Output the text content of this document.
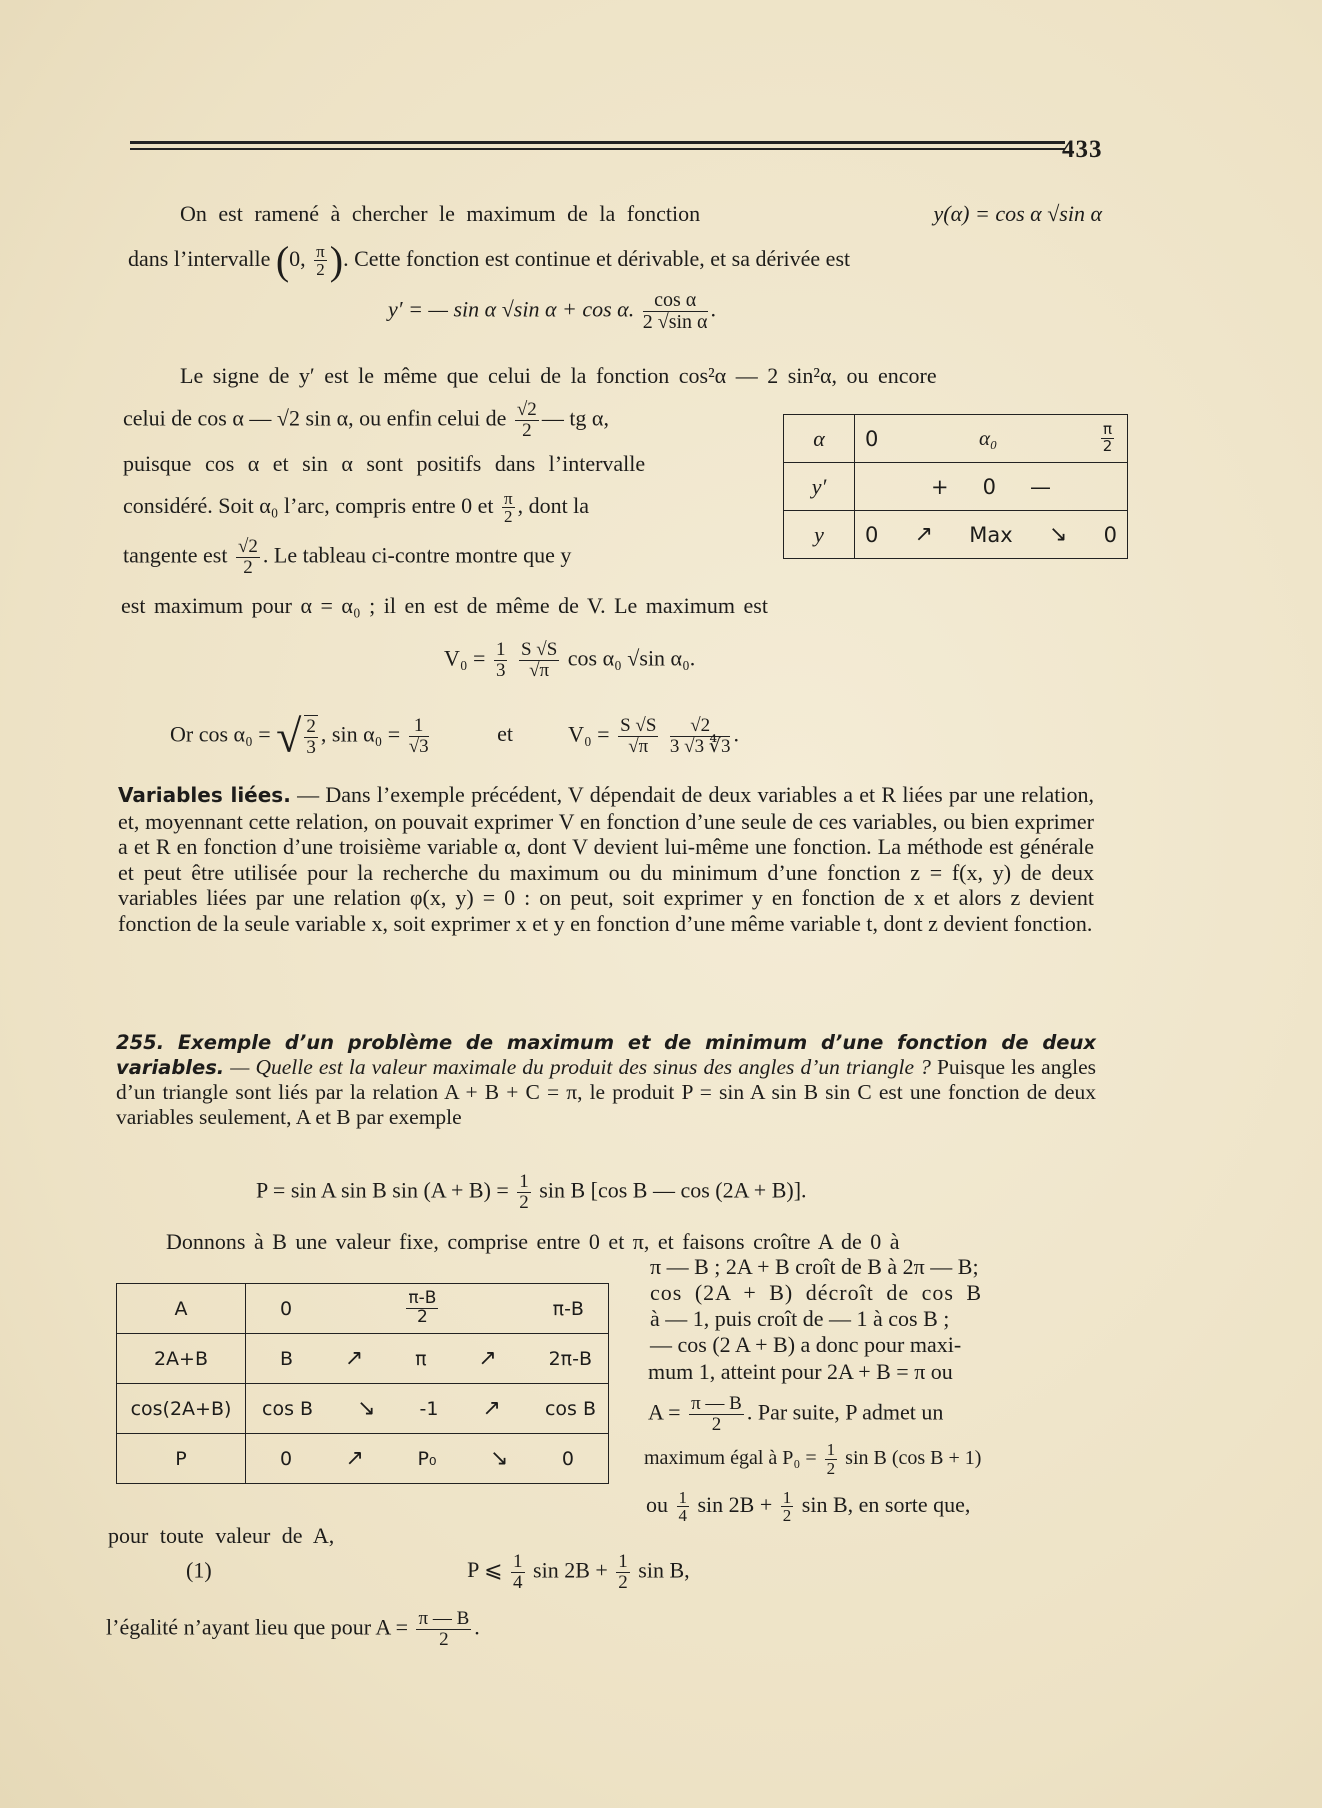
433
On est ramené à chercher le maximum de la fonction	y(α) = cos α √sin α
dans l’intervalle (0, $\frac{\pi}{2}$ ). Cette fonction est continue et dérivable, et sa dérivée est
y′ = — sin α √sin α + cos α. $\frac{\text{cos α}}{\text{2 √sin α}}$ .
Le signe de y′ est le même que celui de la fonction cos²α — 2 sin²α, ou encore
celui de cos α — √2 sin α, ou enfin celui de $\frac{√2}{2}$ — tg α,
α	0 $\alpha_0 \frac{\pi}{2}$

y′	+ 0 —

y	0 ↗ Max ↘ 0
puisque cos α et sin α sont positifs dans l’intervalle
considéré. Soit α₀ l’arc, compris entre 0 et $\frac{\pi}{2}$ , dont la
tangente est $\frac{√2}{2}$ . Le tableau ci-contre montre que y
est maximum pour α = α₀ ; il en est de même de V. Le maximum est
$V_0 = \frac{1}{3}$
$\frac{S √S}{√\pi}$ cos α₀ √sin α₀.
Or cos α₀ = √ $\frac{2}{3}$ , $\sin \alpha_0 = \frac{1}{√3}$	et	$V_0 = \frac{S √S}{√\pi}$
$\frac{√2}{3 √3 ∜3}$ .
Variables liées. — Dans l’exemple précédent, V dépendait de deux variables a et R liées par une relation, et, moyennant cette relation, on pouvait exprimer V en fonction d’une seule de ces variables, ou bien exprimer a et R en fonction d’une troisième variable α, dont V devient lui-même une fonction. La méthode est générale et peut être utilisée pour la recherche du maximum ou du minimum d’une fonction z = f(x, y) de deux variables liées par une relation φ(x, y) = 0 : on peut, soit exprimer y en fonction de x et alors z devient fonction de la seule variable x, soit exprimer x et y en fonction d’une même variable t, dont z devient fonction.
255. Exemple d’un problème de maximum et de minimum d’une fonction de deux variables. — Quelle est la valeur maximale du produit des sinus des angles d’un triangle ? Puisque les angles d’un triangle sont liés par la relation A + B + C = π, le produit P = sin A sin B sin C est une fonction de deux variables seulement, A et B par exemple
P = sin A sin B $\sin (A + B) = \frac{1}{2}$ sin B [cos B — cos (2A + B)].
Donnons à B une valeur fixe, comprise entre 0 et π, et faisons croître A de 0 à
π — B ; 2A + B croît de B à 2π — B;
cos (2A + B) décroît de cos B
à — 1, puis croît de — 1 à cos B ;
— cos (2 A + B) a donc pour maxi-
mum 1, atteint pour 2A + B = π ou
$A = \frac{\pi — B}{2}$ . Par suite, P admet un
maximum égal à $P_0 = \frac{1}{2}$ sin B (cos B + 1)
ou $\frac{1}{4}$ $\sin 2B + \frac{1}{2}$ sin B, en sorte que,
A	$0 \frac{\pi-B}{2} \pi-B$

2A+B	B ↗ π ↗ 2π-B

cos(2A+B)	cos B ↘ -1 ↗ cos B

P	0 ↗ P₀ ↘ 0
pour toute valeur de A,
(1)	P ⩽ $\frac{1}{4}$ $\sin 2B + \frac{1}{2}$ sin B,
l’égalité n’ayant lieu que pour $A = \frac{\pi — B}{2}$ .
